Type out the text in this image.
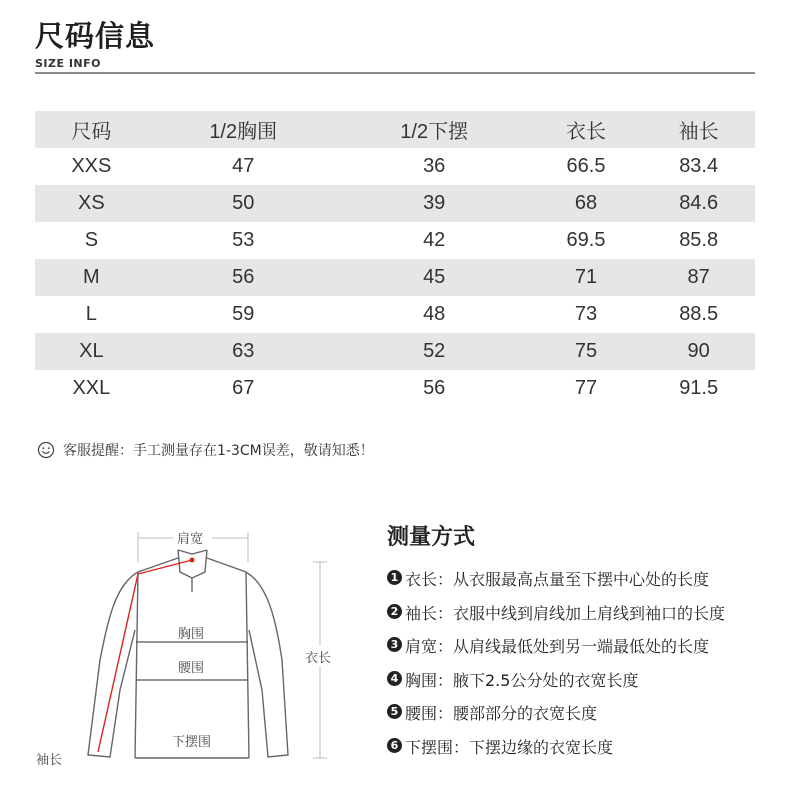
尺码信息
SIZE INFO
尺码	1/2胸围	1/2下摆	衣长	袖长
XXS	47	36	66.5	83.4
XS	50	39	68	84.6
S	53	42	69.5	85.8
M	56	45	71	87
L	59	48	73	88.5
XL	63	52	75	90
XXL	67	56	77	91.5
客服提醒：手工测量存在1-3CM误差，敬请知悉！
肩宽
衣长
胸围
腰围
下摆围
袖长
测量方式
1 衣长：从衣服最高点量至下摆中心处的长度
2 袖长：衣服中线到肩线加上肩线到袖口的长度
3 肩宽：从肩线最低处到另一端最低处的长度
4 胸围：腋下2.5公分处的衣宽长度
5 腰围：腰部部分的衣宽长度
6 下摆围：下摆边缘的衣宽长度
